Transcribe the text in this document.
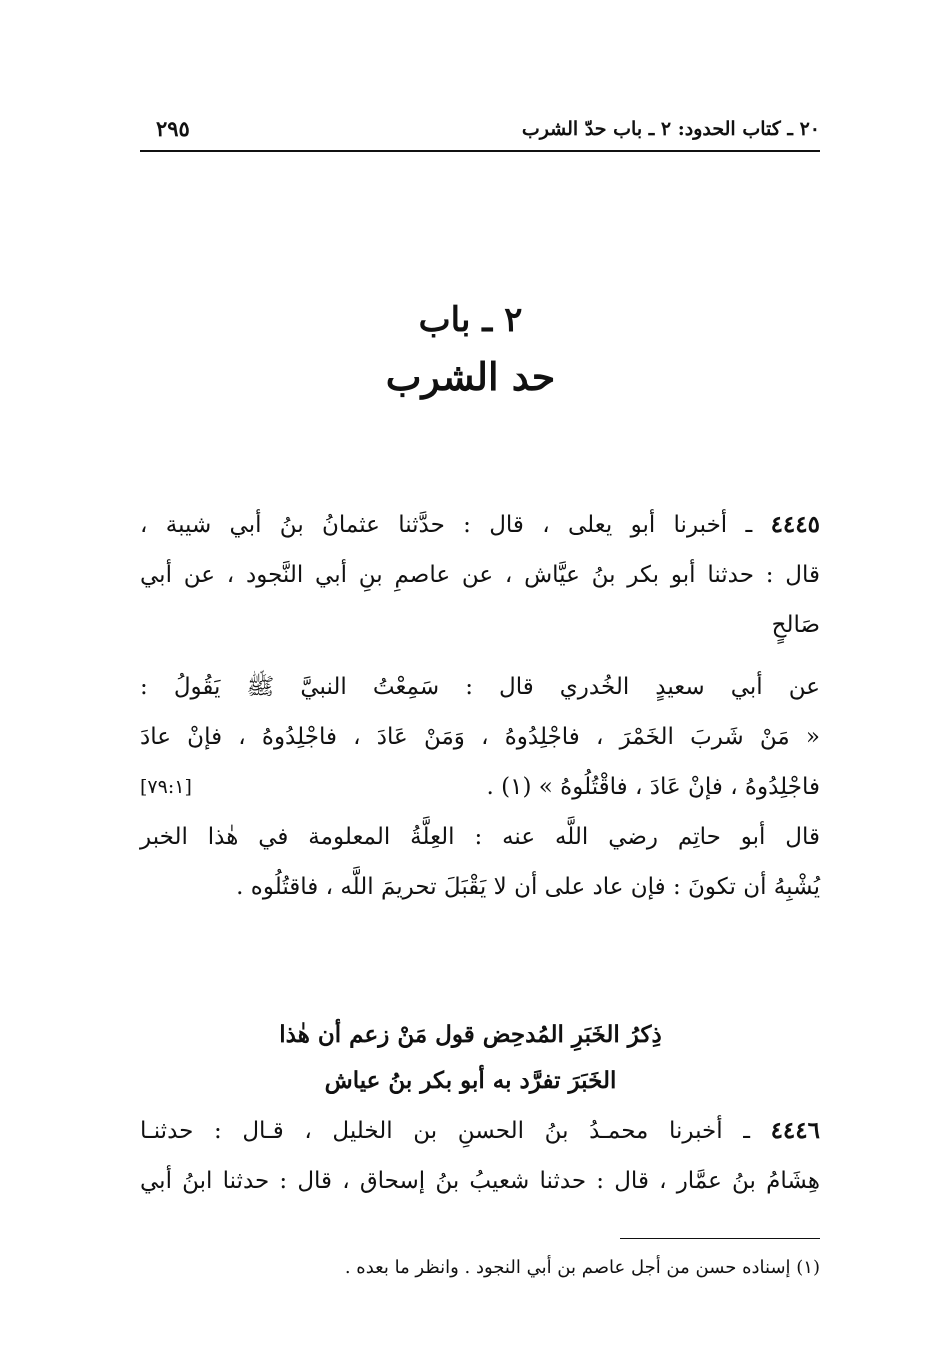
٢٠ ـ كتاب الحدود: ٢ ـ باب حدّ الشرب
٢٩٥
٢ ـ باب
حد الشرب
٤٤٤٥ ـ أخبرنا أبو يعلى ، قال : حدَّثنا عثمانُ بنُ أبي شيبة ،
قال : حدثنا أبو بكر بنُ عيَّاش ، عن عاصمِ بنِ أبي النَّجود ، عن أبي
صَالحٍ
عن أبي سعيدٍ الخُدري قال : سَمِعْتُ النبيَّ ﷺ يَقُولُ :
« مَنْ شَربَ الخَمْرَ ، فاجْلِدُوهُ ، وَمَنْ عَادَ ، فاجْلِدُوهُ ، فإنْ عادَ
فاجْلِدُوهُ ، فإنْ عَادَ ، فاقْتُلُوهُ » (١) .
[٧٩:١]
قال أبو حاتِم رضي اللَّه عنه : العِلَّةُ المعلومة في هٰذا الخبر
يُشْبِهُ أن تكونَ : فإن عاد على أن لا يَقْبَلَ تحريمَ اللَّه ، فاقتُلُوه .
ذِكرُ الخَبَرِ المُدحِض قول مَنْ زعم أن هٰذا
الخَبَرَ تفرَّد به أبو بكر بنُ عياش
٤٤٤٦ ـ أخبرنا محمـدُ بنُ الحسنِ بن الخليل ، قـال : حدثنـا
هِشَامُ بنُ عمَّار ، قال : حدثنا شعيبُ بنُ إسحاق ، قال : حدثنا ابنُ أبي
(١) إسناده حسن من أجل عاصم بن أبي النجود . وانظر ما بعده .
